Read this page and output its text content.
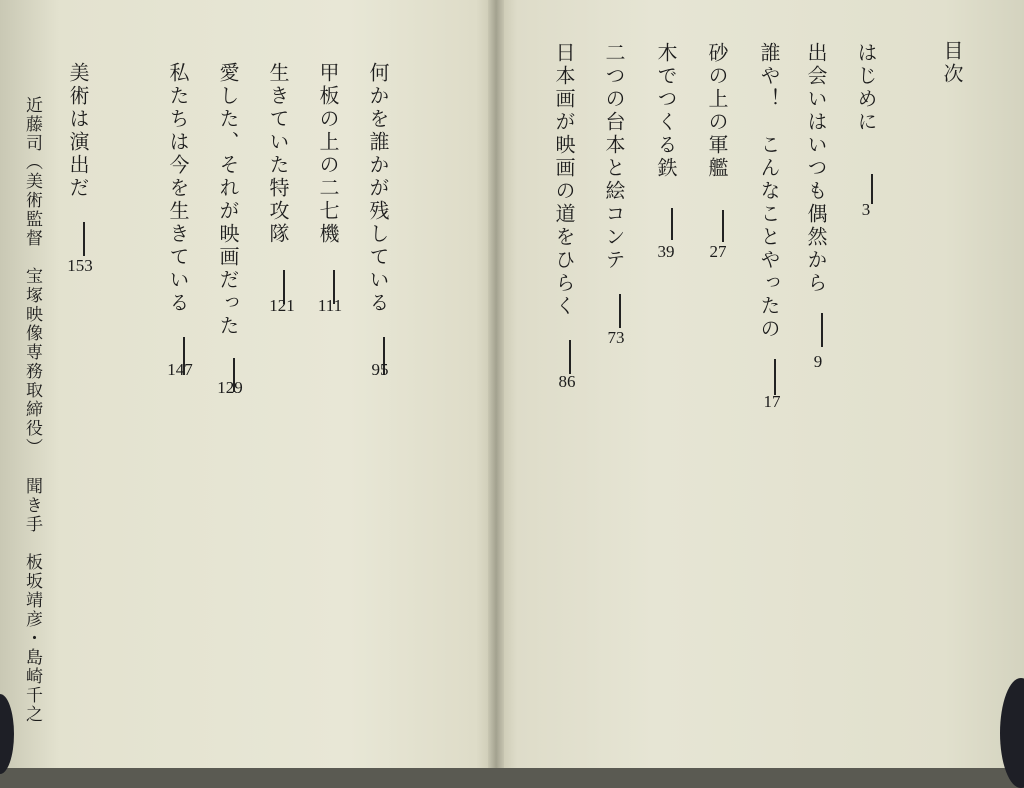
目次
はじめに
3
出会いはいつも偶然から
9
誰や！　こんなことやったの
17
砂の上の軍艦
27
木でつくる鉄
39
二つの台本と絵コンテ
73
日本画が映画の道をひらく
86
何かを誰かが残している
95
甲板の上の二七機
111
生きていた特攻隊
121
愛した、それが映画だった
129
私たちは今を生きている
147
美術は演出だ
153
近藤司（美術監督　宝塚映像専務取締役）聞き手　板坂靖彦・島崎千之
